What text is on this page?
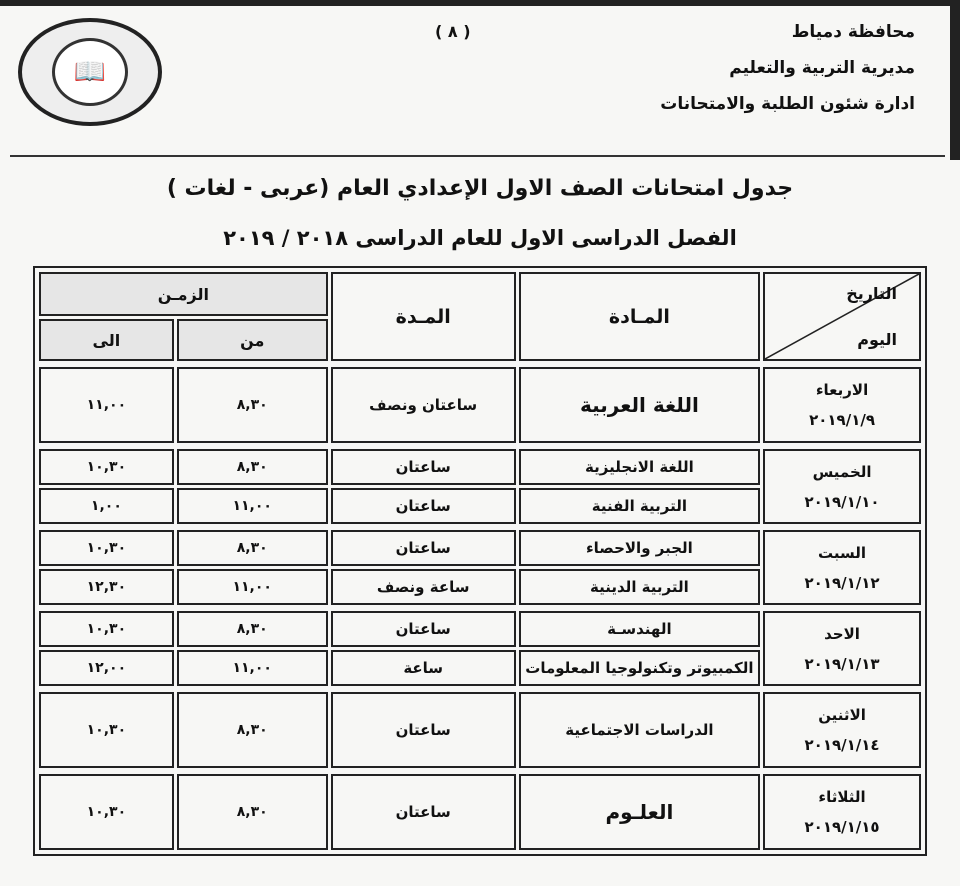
📖
( ٨ )	محافظة دمياط
مديرية التربية والتعليم
ادارة شئون الطلبة والامتحانات
جدول امتحانات الصف الاول الإعدادي العام (عربى - لغات )
الفصل الدراسى الاول للعام الدراسى ٢٠١٨ / ٢٠١٩
التاريخ
اليوم	المـادة	المـدة	الزمـن	
			من	الى

الاربعاء
٢٠١٩/١/٩	اللغة العربية	ساعتان ونصف	٨,٣٠	١١,٠٠

الخميس
٢٠١٩/١/١٠	اللغة الانجليزية	ساعتان	٨,٣٠	١٠,٣٠
	التربية الفنية	ساعتان	١١,٠٠	١,٠٠

السبت
٢٠١٩/١/١٢	الجبر والاحصاء	ساعتان	٨,٣٠	١٠,٣٠
	التربية الدينية	ساعة ونصف	١١,٠٠	١٢,٣٠

الاحد
٢٠١٩/١/١٣	الهندسـة	ساعتان	٨,٣٠	١٠,٣٠
	الكمبيوتر وتكنولوجيا المعلومات	ساعة	١١,٠٠	١٢,٠٠

الاثنين
٢٠١٩/١/١٤	الدراسات الاجتماعية	ساعتان	٨,٣٠	١٠,٣٠

الثلاثاء
٢٠١٩/١/١٥	العلـوم	ساعتان	٨,٣٠	١٠,٣٠
